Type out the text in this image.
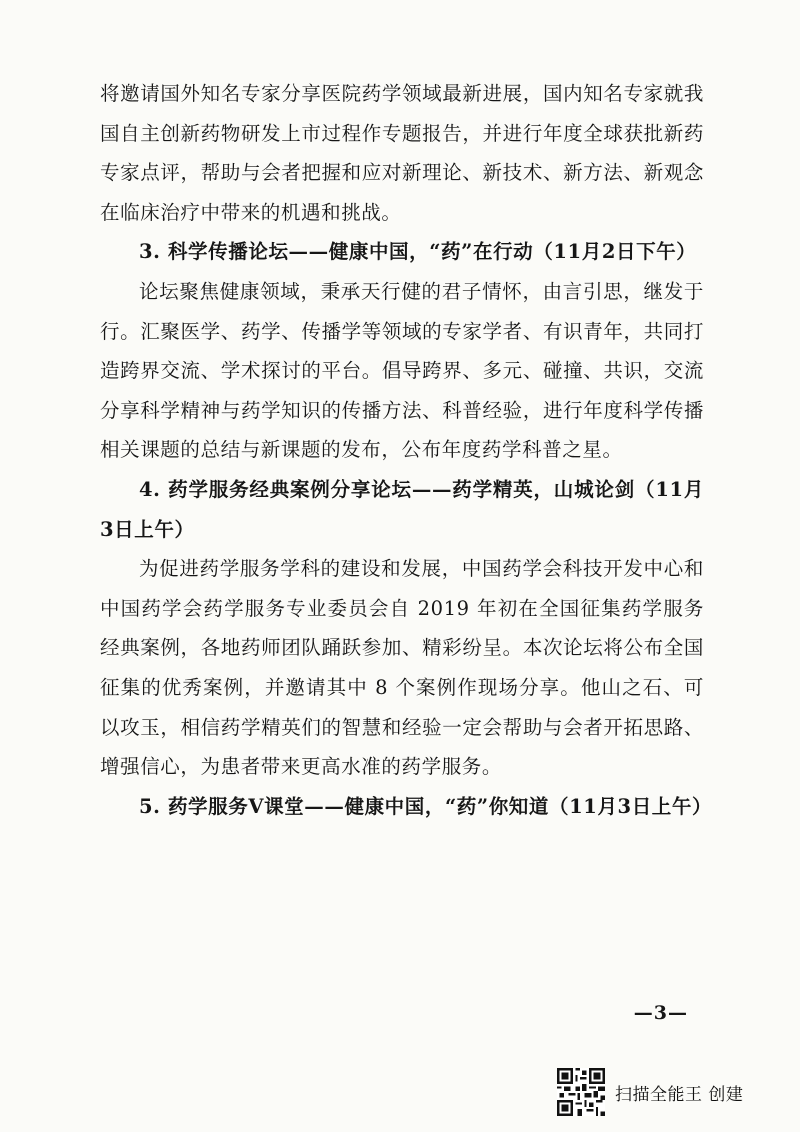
将邀请国外知名专家分享医院药学领域最新进展，国内知名专家就我国自主创新药物研发上市过程作专题报告，并进行年度全球获批新药专家点评，帮助与会者把握和应对新理论、新技术、新方法、新观念在临床治疗中带来的机遇和挑战。

3. 科学传播论坛——健康中国，“药”在行动（11月2日下午）

论坛聚焦健康领域，秉承天行健的君子情怀，由言引思，继发于行。汇聚医学、药学、传播学等领域的专家学者、有识青年，共同打造跨界交流、学术探讨的平台。倡导跨界、多元、碰撞、共识，交流分享科学精神与药学知识的传播方法、科普经验，进行年度科学传播相关课题的总结与新课题的发布，公布年度药学科普之星。

4. 药学服务经典案例分享论坛——药学精英，山城论剑（11月3日上午）

为促进药学服务学科的建设和发展，中国药学会科技开发中心和中国药学会药学服务专业委员会自 2019 年初在全国征集药学服务经典案例，各地药师团队踊跃参加、精彩纷呈。本次论坛将公布全国征集的优秀案例，并邀请其中 8 个案例作现场分享。他山之石、可以攻玉，相信药学精英们的智慧和经验一定会帮助与会者开拓思路、增强信心，为患者带来更高水准的药学服务。

5. 药学服务V课堂——健康中国，“药”你知道（11月3日上午）

—3—
扫描全能王 创建
